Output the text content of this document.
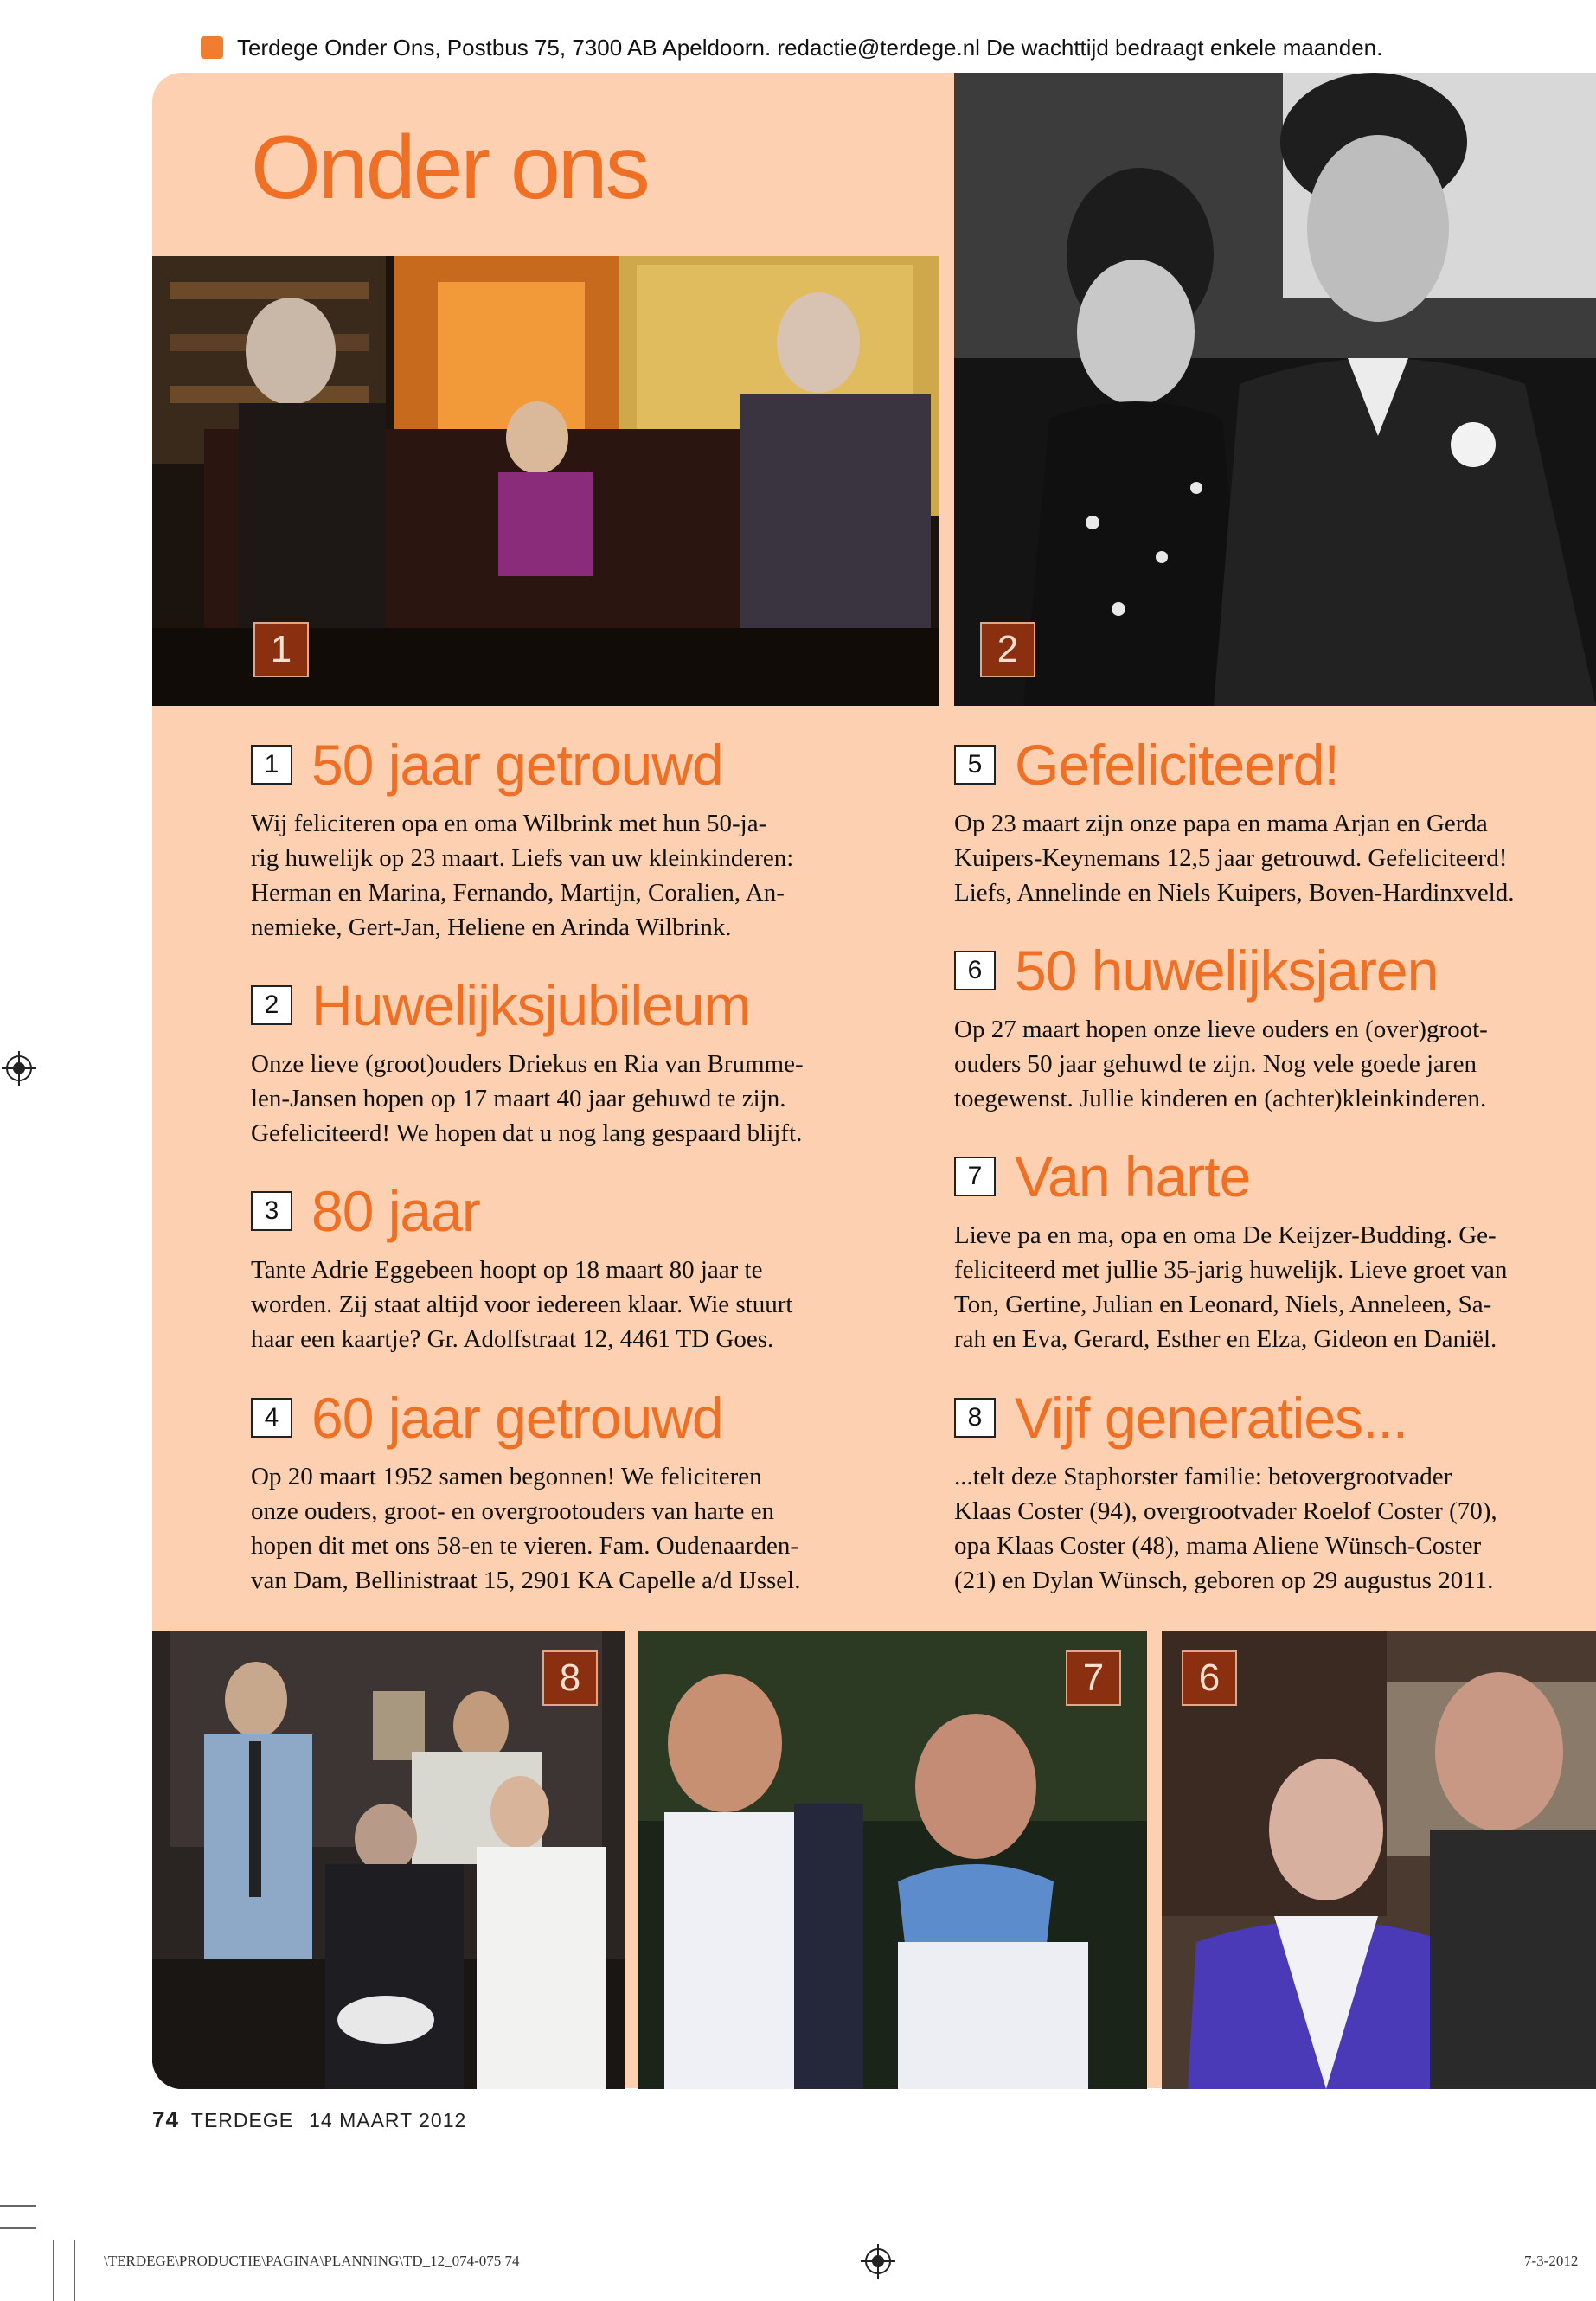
Terdege Onder Ons, Postbus 75, 7300 AB Apeldoorn. redactie@terdege.nl De wachttijd bedraagt enkele maanden.
Onder ons
1	2
1 50 jaar getrouwd
Wij feliciteren opa en oma Wilbrink met hun 50-ja-
rig huwelijk op 23 maart. Liefs van uw kleinkinderen:
Herman en Marina, Fernando, Martijn, Coralien, An-
nemieke, Gert-Jan, Heliene en Arinda Wilbrink.
2 Huwelijksjubileum
Onze lieve (groot)ouders Driekus en Ria van Brumme-
len-Jansen hopen op 17 maart 40 jaar gehuwd te zijn.
Gefeliciteerd! We hopen dat u nog lang gespaard blijft.
3 80 jaar
Tante Adrie Eggebeen hoopt op 18 maart 80 jaar te
worden. Zij staat altijd voor iedereen klaar. Wie stuurt
haar een kaartje? Gr. Adolfstraat 12, 4461 TD Goes.
4 60 jaar getrouwd
Op 20 maart 1952 samen begonnen! We feliciteren
onze ouders, groot- en overgrootouders van harte en
hopen dit met ons 58-en te vieren. Fam. Oudenaarden-
van Dam, Bellinistraat 15, 2901 KA Capelle a/d IJssel.
5 Gefeliciteerd!
Op 23 maart zijn onze papa en mama Arjan en Gerda
Kuipers-Keynemans 12,5 jaar getrouwd. Gefeliciteerd!
Liefs, Annelinde en Niels Kuipers, Boven-Hardinxveld.
6 50 huwelijksjaren
Op 27 maart hopen onze lieve ouders en (over)groot-
ouders 50 jaar gehuwd te zijn. Nog vele goede jaren
toegewenst. Jullie kinderen en (achter)kleinkinderen.
7 Van harte
Lieve pa en ma, opa en oma De Keijzer-Budding. Ge-
feliciteerd met jullie 35-jarig huwelijk. Lieve groet van
Ton, Gertine, Julian en Leonard, Niels, Anneleen, Sa-
rah en Eva, Gerard, Esther en Elza, Gideon en Daniël.
8 Vijf generaties...
...telt deze Staphorster familie: betovergrootvader
Klaas Coster (94), overgrootvader Roelof Coster (70),
opa Klaas Coster (48), mama Aliene Wünsch-Coster
(21) en Dylan Wünsch, geboren op 29 augustus 2011.
8	7	6
74 TERDEGE 14 MAART 2012
\TERDEGE\PRODUCTIE\PAGINA\PLANNING\TD_12_074-075 74	7-3-2012
